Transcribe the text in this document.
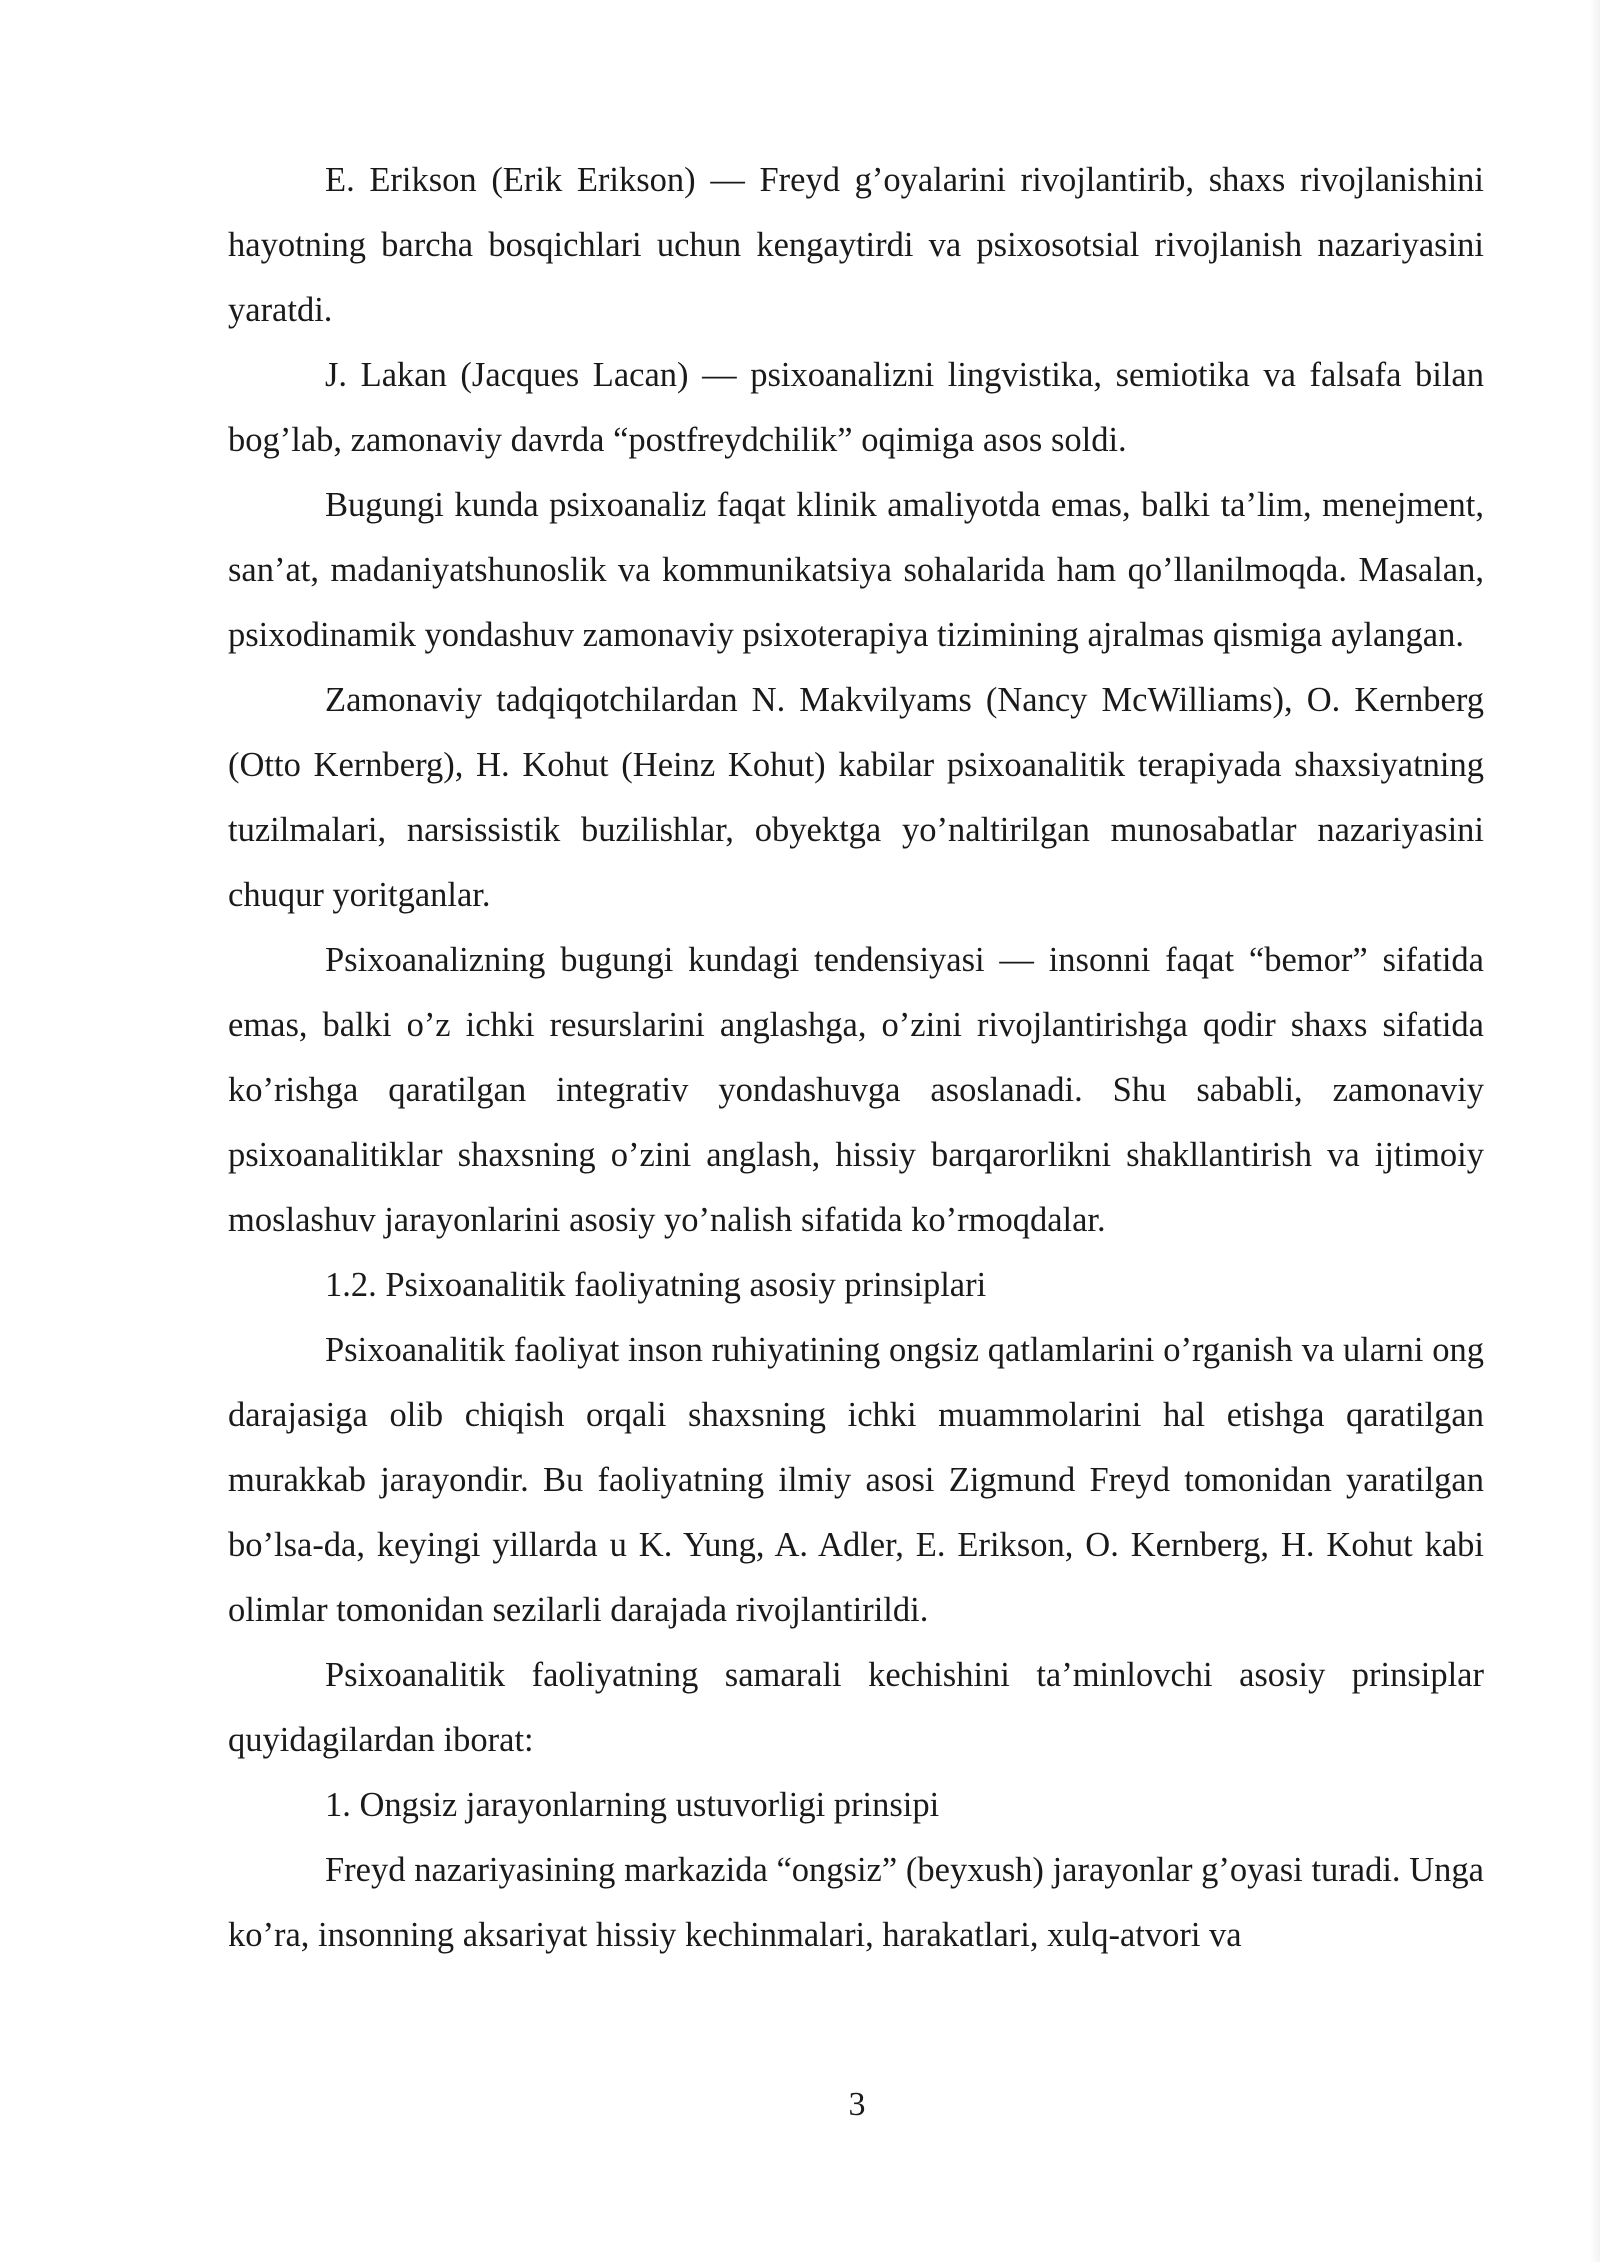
E. Erikson (Erik Erikson) — Freyd g’oyalarini rivojlantirib, shaxs rivojlanishini hayotning barcha bosqichlari uchun kengaytirdi va psixosotsial rivojlanish nazariyasini yaratdi.

J. Lakan (Jacques Lacan) — psixoanalizni lingvistika, semiotika va falsafa bilan bog’lab, zamonaviy davrda “postfreydchilik” oqimiga asos soldi.

Bugungi kunda psixoanaliz faqat klinik amaliyotda emas, balki ta’lim, menejment, san’at, madaniyatshunoslik va kommunikatsiya sohalarida ham qo’llanilmoqda. Masalan, psixodinamik yondashuv zamonaviy psixoterapiya tizimining ajralmas qismiga aylangan.

Zamonaviy tadqiqotchilardan N. Makvilyams (Nancy McWilliams), O. Kernberg (Otto Kernberg), H. Kohut (Heinz Kohut) kabilar psixoanalitik terapiyada shaxsiyatning tuzilmalari, narsissistik buzilishlar, obyektga yo’naltirilgan munosabatlar nazariyasini chuqur yoritganlar.

Psixoanalizning bugungi kundagi tendensiyasi — insonni faqat “bemor” sifatida emas, balki o’z ichki resurslarini anglashga, o’zini rivojlantirishga qodir shaxs sifatida ko’rishga qaratilgan integrativ yondashuvga asoslanadi. Shu sababli, zamonaviy psixoanalitiklar shaxsning o’zini anglash, hissiy barqarorlikni shakllantirish va ijtimoiy moslashuv jarayonlarini asosiy yo’nalish sifatida ko’rmoqdalar.

1.2. Psixoanalitik faoliyatning asosiy prinsiplari

Psixoanalitik faoliyat inson ruhiyatining ongsiz qatlamlarini o’rganish va ularni ong darajasiga olib chiqish orqali shaxsning ichki muammolarini hal etishga qaratilgan murakkab jarayondir. Bu faoliyatning ilmiy asosi Zigmund Freyd tomonidan yaratilgan bo’lsa-da, keyingi yillarda u K. Yung, A. Adler, E. Erikson, O. Kernberg, H. Kohut kabi olimlar tomonidan sezilarli darajada rivojlantirildi.

Psixoanalitik faoliyatning samarali kechishini ta’minlovchi asosiy prinsiplar quyidagilardan iborat:

1. Ongsiz jarayonlarning ustuvorligi prinsipi

Freyd nazariyasining markazida “ongsiz” (beyxush) jarayonlar g’oyasi turadi. Unga ko’ra, insonning aksariyat hissiy kechinmalari, harakatlari, xulq-atvori va

3
